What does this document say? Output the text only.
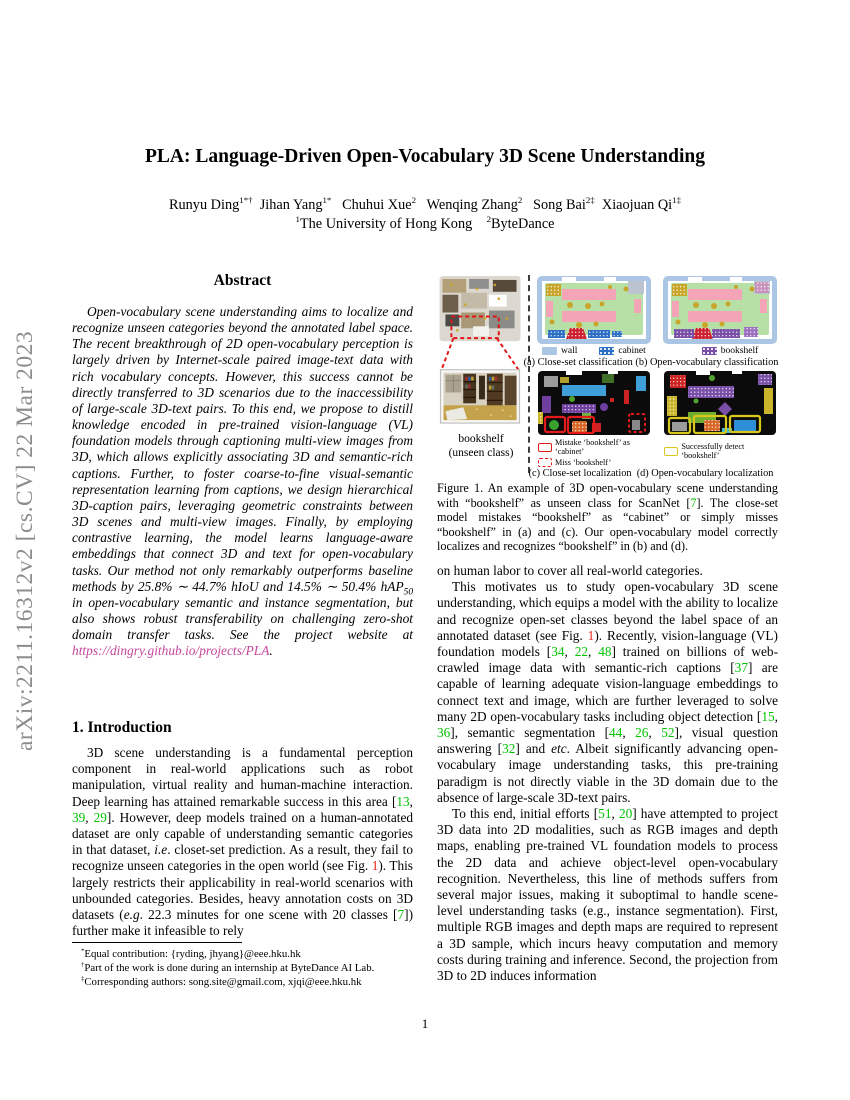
arXiv:2211.16312v2 [cs.CV] 22 Mar 2023
PLA: Language-Driven Open-Vocabulary 3D Scene Understanding
Runyu Ding$^{1*\dagger}$ Jihan Yang$^{1*}$ Chuhui Xue$^2$ Wenqing Zhang$^2$ Song Bai$^{2\ddagger}$ Xiaojuan $Qi^{1\ddagger}$
$^1$The University of Hong Kong    $^2$ByteDance
Abstract

Open-vocabulary scene understanding aims to localize and recognize unseen categories beyond the annotated label space. The recent breakthrough of 2D open-vocabulary perception is largely driven by Internet-scale paired image-text data with rich vocabulary concepts. However, this success cannot be directly transferred to 3D scenarios due to the inaccessibility of large-scale 3D-text pairs. To this end, we propose to distill knowledge encoded in pre-trained vision-language (VL) foundation models through captioning multi-view images from 3D, which allows explicitly associating 3D and semantic-rich captions. Further, to foster coarse-to-fine visual-semantic representation learning from captions, we design hierarchical 3D-caption pairs, leveraging geometric constraints between 3D scenes and multi-view images. Finally, by employing contrastive learning, the model learns language-aware embeddings that connect 3D and text for open-vocabulary tasks. Our method not only remarkably outperforms baseline methods by 25.8% ∼ 44.7% hIoU and 14.5% ∼ 50.4% hAP$_{50}$ in open-vocabulary semantic and instance segmentation, but also shows robust transferability on challenging zero-shot domain transfer tasks. See the project website at https://dingry.github.io/projects/PLA.

1. Introduction

3D scene understanding is a fundamental perception component in real-world applications such as robot manipulation, virtual reality and human-machine interaction. Deep learning has attained remarkable success in this area [13, 39, 29]. However, deep models trained on a human-annotated dataset are only capable of understanding semantic categories in that dataset, i.e. closet-set prediction. As a result, they fail to recognize unseen categories in the open world (see Fig. 1). This largely restricts their applicability in real-world scenarios with unbounded categories. Besides, heavy annotation costs on 3D datasets (e.g. 22.3 minutes for one scene with 20 classes [7]) further make it infeasible to rely

*Equal contribution: {ryding, jhyang}@eee.hku.hk
†Part of the work is done during an internship at ByteDance AI Lab.
‡Corresponding authors: song.site@gmail.com, xjqi@eee.hku.hk
bookshelf
(unseen class)
wall	cabinet	bookshelf
(a) Close-set classification (b) Open-vocabulary classification
Mistake ‘bookshelf’ as ‘cabinet’
Miss ‘bookshelf’
Successfully detect ‘bookshelf’
(c) Close-set localization  (d) Open-vocabulary localization
Figure 1. An example of 3D open-vocabulary scene understanding with “bookshelf” as unseen class for ScanNet [7]. The close-set model mistakes “bookshelf” as “cabinet” or simply misses “bookshelf” in (a) and (c). Our open-vocabulary model correctly localizes and recognizes “bookshelf” in (b) and (d).

on human labor to cover all real-world categories.

This motivates us to study open-vocabulary 3D scene understanding, which equips a model with the ability to localize and recognize open-set classes beyond the label space of an annotated dataset (see Fig. 1). Recently, vision-language (VL) foundation models [34, 22, 48] trained on billions of web-crawled image data with semantic-rich captions [37] are capable of learning adequate vision-language embeddings to connect text and image, which are further leveraged to solve many 2D open-vocabulary tasks including object detection [15, 36], semantic segmentation [44, 26, 52], visual question answering [32] and etc. Albeit significantly advancing open-vocabulary image understanding tasks, this pre-training paradigm is not directly viable in the 3D domain due to the absence of large-scale 3D-text pairs.

To this end, initial efforts [51, 20] have attempted to project 3D data into 2D modalities, such as RGB images and depth maps, enabling pre-trained VL foundation models to process the 2D data and achieve object-level open-vocabulary recognition. Nevertheless, this line of methods suffers from several major issues, making it suboptimal to handle scene-level understanding tasks (e.g., instance segmentation). First, multiple RGB images and depth maps are required to represent a 3D sample, which incurs heavy computation and memory costs during training and inference. Second, the projection from 3D to 2D induces information

1
